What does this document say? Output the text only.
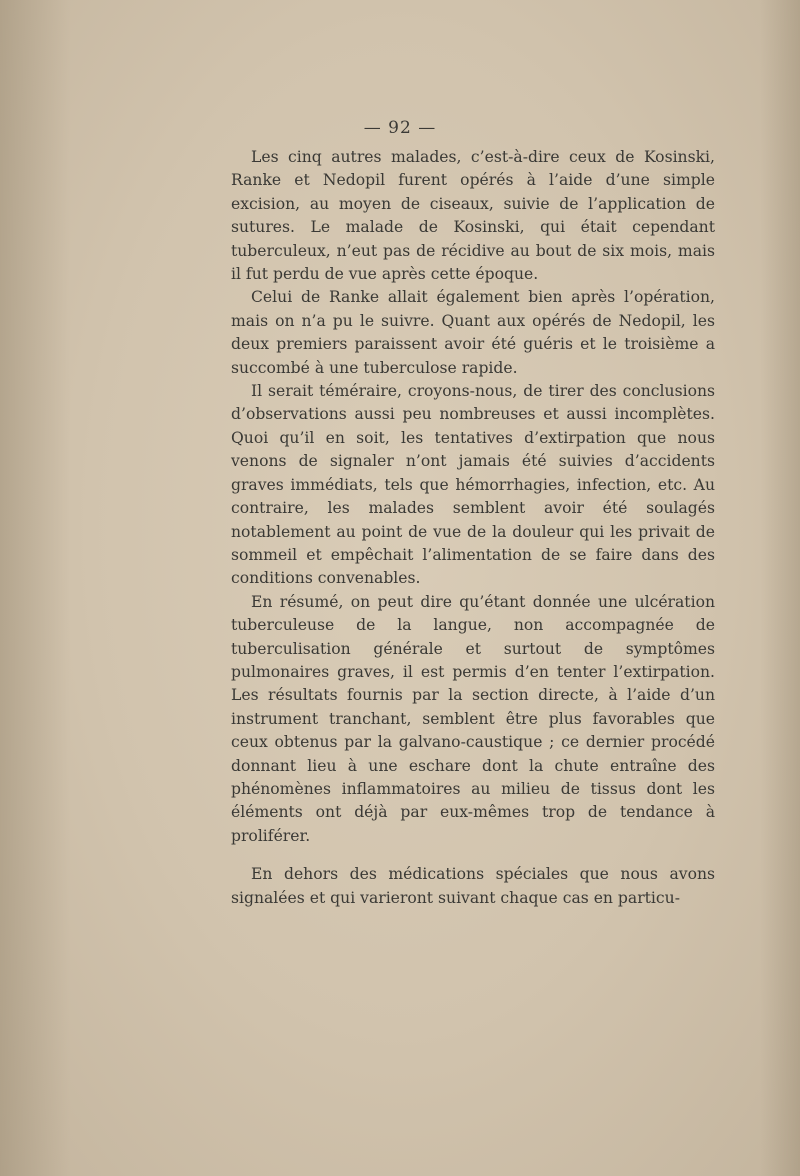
— 92 —

Les cinq autres malades, c’est-à-dire ceux de Kosinski, Ranke et Nedopil furent opérés à l’aide d’une simple excision, au moyen de ciseaux, suivie de l’application de sutures. Le malade de Kosinski, qui était cependant tuberculeux, n’eut pas de récidive au bout de six mois, mais il fut perdu de vue après cette époque.

Celui de Ranke allait également bien après l’opération, mais on n’a pu le suivre. Quant aux opérés de Nedopil, les deux premiers paraissent avoir été guéris et le troisième a succombé à une tuberculose rapide.

Il serait téméraire, croyons-nous, de tirer des conclusions d’observations aussi peu nombreuses et aussi incomplètes. Quoi qu’il en soit, les tentatives d’extirpation que nous venons de signaler n’ont jamais été suivies d’accidents graves immédiats, tels que hémorrhagies, infection, etc. Au contraire, les malades semblent avoir été soulagés notablement au point de vue de la douleur qui les privait de sommeil et empêchait l’alimentation de se faire dans des conditions convenables.

En résumé, on peut dire qu’étant donnée une ulcération tuberculeuse de la langue, non accompagnée de tuberculisation générale et surtout de symptômes pulmonaires graves, il est permis d’en tenter l’extirpation. Les résultats fournis par la section directe, à l’aide d’un instrument tranchant, semblent être plus favorables que ceux obtenus par la galvano-caustique ; ce dernier procédé donnant lieu à une eschare dont la chute entraîne des phénomènes inflammatoires au milieu de tissus dont les éléments ont déjà par eux-mêmes trop de tendance à proliférer.

En dehors des médications spéciales que nous avons signalées et qui varieront suivant chaque cas en particu-
